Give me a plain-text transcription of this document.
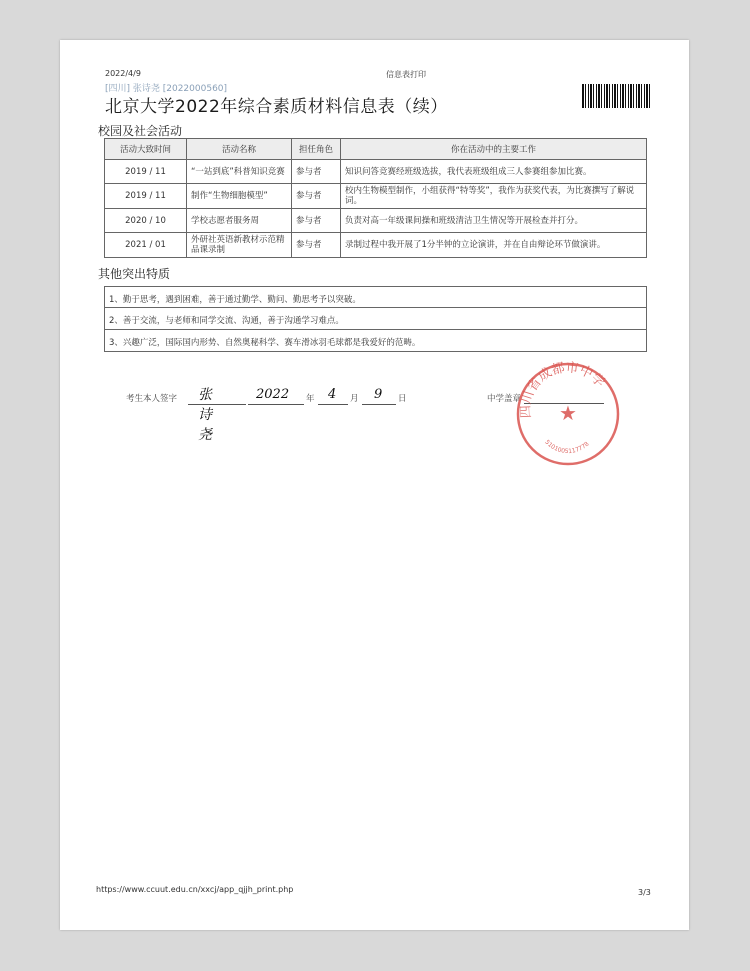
2022/4/9	信息表打印
[四川] 张诗尧 [2022000560]
北京大学2022年综合素质材料信息表（续）
校园及社会活动
活动大致时间	活动名称	担任角色	你在活动中的主要工作
2019 / 11	“一站到底”科普知识竞赛	参与者	知识问答竞赛经班级选拔，我代表班级组成三人参赛组参加比赛。
2019 / 11	制作“生物细胞模型”	参与者	校内生物模型制作，小组获得“特等奖”，我作为获奖代表，为比赛撰写了解说词。
2020 / 10	学校志愿者服务周	参与者	负责对高一年级课间操和班级清洁卫生情况等开展检查并打分。
2021 / 01	外研社英语新教材示范精品课录制	参与者	录制过程中我开展了1分半钟的立论演讲，并在自由辩论环节做演讲。
其他突出特质
1、勤于思考，遇到困难，善于通过勤学、勤问、勤思考予以突破。
2、善于交流，与老师和同学交流、沟通，善于沟通学习难点。
3、兴趣广泛，国际国内形势、自然奥秘科学、赛车滑冰羽毛球都是我爱好的范畴。
考生本人签字	张诗尧
2022 年 4 月 9 日	中学盖章
四川省成都市中学
★
5101005117778
https://www.ccuut.edu.cn/xxcj/app_qjjh_print.php	3/3
